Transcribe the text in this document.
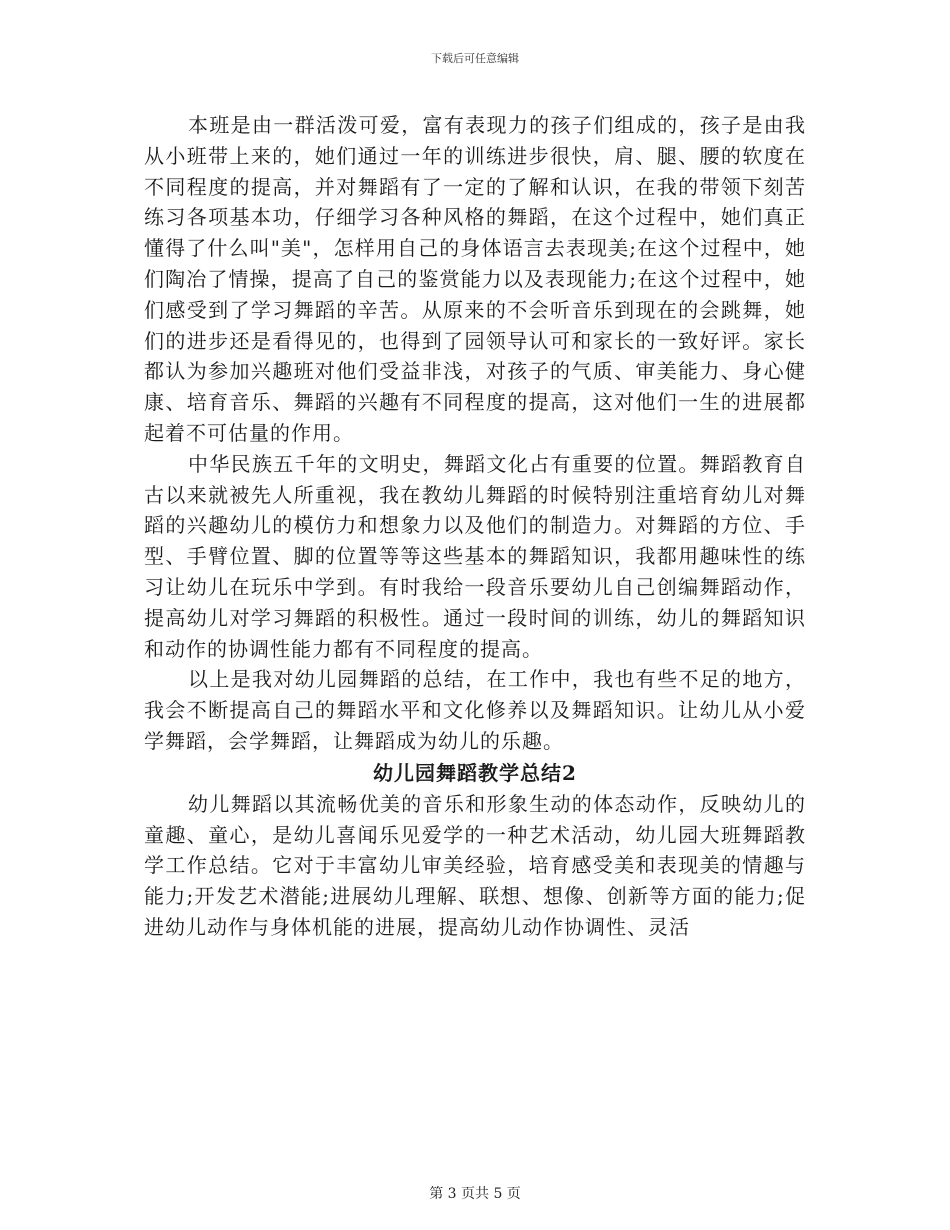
下载后可任意编辑

本班是由一群活泼可爱，富有表现力的孩子们组成的，孩子是由我从小班带上来的，她们通过一年的训练进步很快，肩、腿、腰的软度在不同程度的提高，并对舞蹈有了一定的了解和认识，在我的带领下刻苦练习各项基本功，仔细学习各种风格的舞蹈，在这个过程中，她们真正懂得了什么叫"美"，怎样用自己的身体语言去表现美;在这个过程中，她们陶冶了情操，提高了自己的鉴赏能力以及表现能力;在这个过程中，她们感受到了学习舞蹈的辛苦。从原来的不会听音乐到现在的会跳舞，她们的进步还是看得见的，也得到了园领导认可和家长的一致好评。家长都认为参加兴趣班对他们受益非浅，对孩子的气质、审美能力、身心健康、培育音乐、舞蹈的兴趣有不同程度的提高，这对他们一生的进展都起着不可估量的作用。

中华民族五千年的文明史，舞蹈文化占有重要的位置。舞蹈教育自古以来就被先人所重视，我在教幼儿舞蹈的时候特别注重培育幼儿对舞蹈的兴趣幼儿的模仿力和想象力以及他们的制造力。对舞蹈的方位、手型、手臂位置、脚的位置等等这些基本的舞蹈知识，我都用趣味性的练习让幼儿在玩乐中学到。有时我给一段音乐要幼儿自己创编舞蹈动作，提高幼儿对学习舞蹈的积极性。通过一段时间的训练，幼儿的舞蹈知识和动作的协调性能力都有不同程度的提高。

以上是我对幼儿园舞蹈的总结，在工作中，我也有些不足的地方，我会不断提高自己的舞蹈水平和文化修养以及舞蹈知识。让幼儿从小爱学舞蹈，会学舞蹈，让舞蹈成为幼儿的乐趣。

幼儿园舞蹈教学总结2

幼儿舞蹈以其流畅优美的音乐和形象生动的体态动作，反映幼儿的童趣、童心，是幼儿喜闻乐见爱学的一种艺术活动，幼儿园大班舞蹈教学工作总结。它对于丰富幼儿审美经验，培育感受美和表现美的情趣与能力;开发艺术潜能;进展幼儿理解、联想、想像、创新等方面的能力;促进幼儿动作与身体机能的进展，提高幼儿动作协调性、灵活

第 3 页共 5 页
